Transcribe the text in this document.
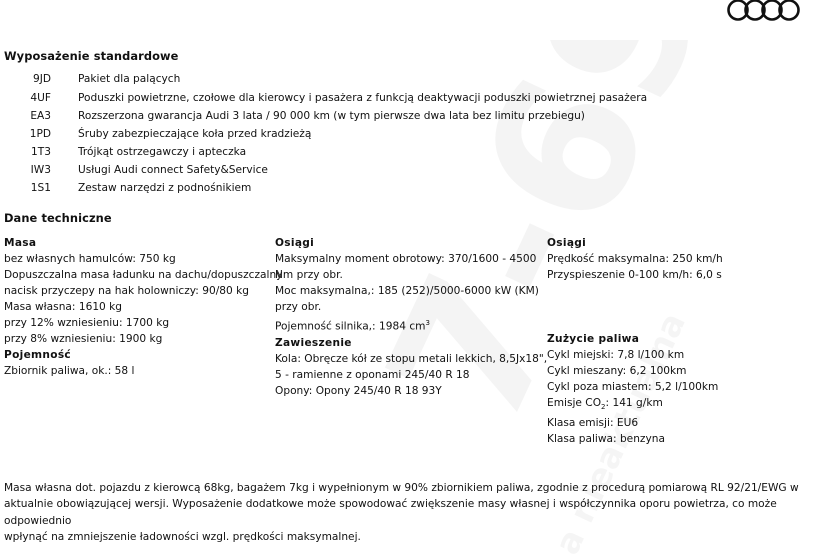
Wyposażenie standardowe
9JD	Pakiet dla palących
4UF	Poduszki powietrzne, czołowe dla kierowcy i pasażera z funkcją deaktywacji poduszki powietrznej pasażera
EA3	Rozszerzona gwarancja Audi 3 lata / 90 000 km (w tym pierwsze dwa lata bez limitu przebiegu)
1PD	Śruby zabezpieczające koła przed kradzieżą
1T3	Trójkąt ostrzegawczy i apteczka
IW3	Usługi Audi connect Safety&Service
1S1	Zestaw narzędzi z podnośnikiem
Dane techniczne
Masa
bez własnych hamulców: 750 kg
Dopuszczalna masa ładunku na dachu/dopuszczalny
nacisk przyczepy na hak holowniczy: 90/80 kg
Masa własna: 1610 kg
przy 12% wzniesieniu: 1700 kg
przy 8% wzniesieniu: 1900 kg
Pojemność
Zbiornik paliwa, ok.: 58 l
Osiągi
Maksymalny moment obrotowy: 370/1600 - 4500
Nm przy obr.
Moc maksymalna,: 185 (252)/5000-6000 kW (KM)
przy obr.
Pojemność silnika,: 1984 $cm^3$
Zawieszenie
Kola: Obręcze kół ze stopu metali lekkich, 8,5Jx18",
5 - ramienne z oponami 245/40 R 18
Opony: Opony 245/40 R 18 93Y
Osiągi
Prędkość maksymalna: 250 km/h
Przyspieszenie 0-100 km/h: 6,0 s
Zużycie paliwa
Cykl miejski: 7,8 l/100 km
Cykl mieszany: 6,2 100km
Cykl poza miastem: 5,2 l/100km
Emisje $CO_2$: 141 g/km
Klasa emisji: EU6
Klasa paliwa: benzyna
Masa własna dot. pojazdu z kierowcą 68kg, bagażem 7kg i wypełnionym w 90% zbiornikiem paliwa, zgodnie z procedurą pomiarową RL 92/21/EWG w
aktualnie obowiązującej wersji. Wyposażenie dodatkowe może spowodować zwiększenie masy własnej i współczynnika oporu powietrza, co może odpowiednio
wpłynąć na zmniejszenie ładowności wzgl. prędkości maksymalnej.
